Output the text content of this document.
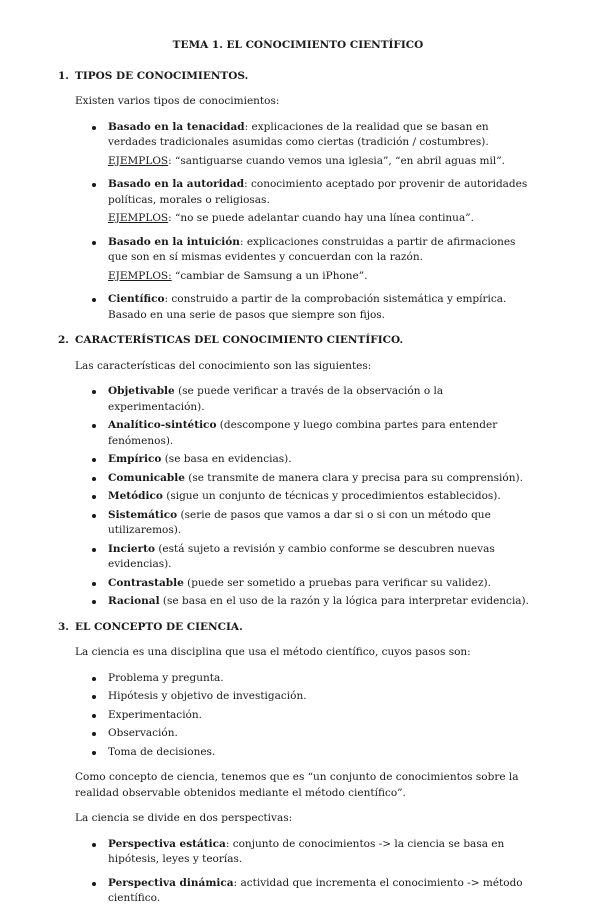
TEMA 1. EL CONOCIMIENTO CIENTÍFICO
1. TIPOS DE CONOCIMIENTOS.
Existen varios tipos de conocimientos:
Basado en la tenacidad: explicaciones de la realidad que se basan en verdades tradicionales asumidas como ciertas (tradición / costumbres).
EJEMPLOS: “santiguarse cuando vemos una iglesia”, “en abril aguas mil”.
Basado en la autoridad: conocimiento aceptado por provenir de autoridades políticas, morales o religiosas.
EJEMPLOS: “no se puede adelantar cuando hay una línea continua”.
Basado en la intuición: explicaciones construidas a partir de afirmaciones que son en sí mismas evidentes y concuerdan con la razón.
EJEMPLOS: “cambiar de Samsung a un iPhone”.
Científico: construido a partir de la comprobación sistemática y empírica. Basado en una serie de pasos que siempre son fijos.
2. CARACTERÍSTICAS DEL CONOCIMIENTO CIENTÍFICO.
Las características del conocimiento son las siguientes:
Objetivable (se puede verificar a través de la observación o la experimentación).
Analítico-sintético (descompone y luego combina partes para entender fenómenos).
Empírico (se basa en evidencias).
Comunicable (se transmite de manera clara y precisa para su comprensión).
Metódico (sigue un conjunto de técnicas y procedimientos establecidos).
Sistemático (serie de pasos que vamos a dar si o si con un método que utilizaremos).
Incierto (está sujeto a revisión y cambio conforme se descubren nuevas evidencias).
Contrastable (puede ser sometido a pruebas para verificar su validez).
Racional (se basa en el uso de la razón y la lógica para interpretar evidencia).
3. EL CONCEPTO DE CIENCIA.
La ciencia es una disciplina que usa el método científico, cuyos pasos son:
Problema y pregunta.
Hipótesis y objetivo de investigación.
Experimentación.
Observación.
Toma de decisiones.
Como concepto de ciencia, tenemos que es “un conjunto de conocimientos sobre la realidad observable obtenidos mediante el método científico”.
La ciencia se divide en dos perspectivas:
Perspectiva estática: conjunto de conocimientos -> la ciencia se basa en hipótesis, leyes y teorías.
Perspectiva dinámica: actividad que incrementa el conocimiento -> método científico.
